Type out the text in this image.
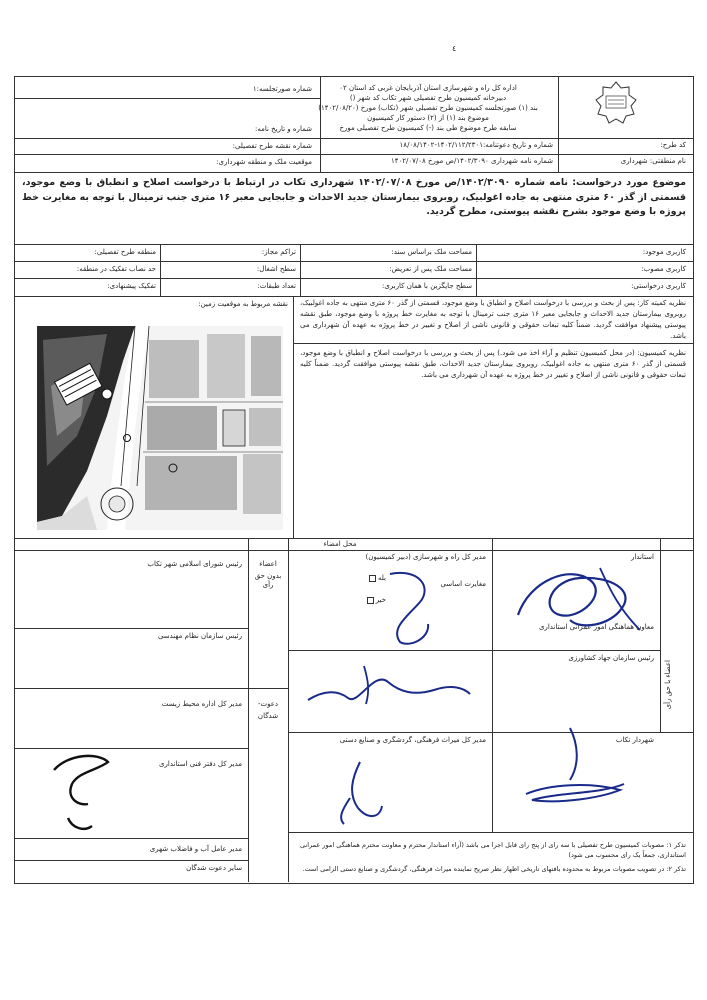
٤
اداره کل راه و شهرسازی استان آذربایجان غربی کد استان ۰۲
دبیرخانه کمیسیون طرح تفصیلی شهر تکاب کد شهر ()
بند (۱) صورتجلسه کمیسیون طرح تفصیلی شهر (تکاب) مورخ (۱۴۰۲/۰۸/۲۰)
موضوع بند (۱) از (۲) دستور کار کمیسیون
سابقه طرح موضوع طی بند (-) کمیسیون طرح تفصیلی مورخ
شماره صورتجلسه:۱
شماره و تاریخ نامه:
شماره نقشه طرح تفصیلی:
موقعیت ملک و منطقه شهرداری:
شماره و تاریخ دعوتنامه:۱۴۰۲/۱۱۲/۲۳۰۱-۱۸/۰۸/۱۴۰۲
شماره نامه شهرداری ۱۴۰۲/۳۰۹۰/ص مورخ ۱۴۰۲/۰۷/۰۸
کد طرح:
نام منطقتی: شهرداری
موضوع مورد درخواست: نامه شماره ۱۴۰۲/۳۰۹۰/ص مورخ ۱۴۰۲/۰۷/۰۸ شهرداری تکاب در ارتباط با درخواست اصلاح و انطباق با وضع موجود، قسمتی از گذر ۶۰ متری منتهی به جاده اغولبیک، روبروی بیمارستان جدید الاحداث و جابجایی معبر ۱۶ متری جنب ترمینال با توجه به مغایرت خط پروژه با وضع موجود بشرح نقشه پیوستی، مطرح گردید.
منطقه طرح تفصیلی:
حد نصاب تفکیک در منطقه:
تفکیک پیشنهادی:
تراکم مجاز:
سطح اشغال:
تعداد طبقات:
مساحت ملک براساس سند:
مساحت ملک پس از تعریض:
سطح جایگزین با همان کاربری:
کاربری موجود:
کاربری مصوب:
کاربری درخواستی:
نقشه مربوط به موقعیت زمین: نظریه کمیته کار: پس از بحث و بررسی با درخواست اصلاح و انطباق با وضع موجود، قسمتی از گذر ۶۰ متری منتهی به جاده اغولبیک، روبروی بیمارستان جدید الاحداث و جابجایی معبر ۱۶ متری جنب ترمینال با توجه به مغایرت خط پروژه با وضع موجود، طبق نقشه پیوستی پیشنهاد موافقت گردید. ضمناً کلیه تبعات حقوقی و قانونی ناشی از اصلاح و تغییر در خط پروژه به عهده آن شهرداری می باشد.
نظریه کمیسیون: (در محل کمیسیون تنظیم و آراء اخذ می شود.) پس از بحث و بررسی با درخواست اصلاح و انطباق با وضع موجود، قسمتی از گذر ۶۰ متری منتهی به جاده اغولبیک، روبروی بیمارستان جدید الاحداث، طبق نقشه پیوستی موافقت گردید. ضمناً کلیه تبعات حقوقی و قانونی ناشی از اصلاح و تغییر در خط پروژه به عهده آن شهرداری می باشد.
محل امضاء
استاندار
معاون هماهنگی امور عمرانی استانداری
مدیر کل راه و شهرسازی (دبیر کمیسیون)
مغایرت اساسی
بله
خیر
رئیس سازمان جهاد کشاورزی
شهردار تکاب
مدیر کل میراث فرهنگی، گردشگری و صنایع دستی
اعضاء با حق رأی
اعضاء
بدون حق رأی
دعوت-
شدگان
رئیس شورای اسلامی شهر تکاب
رئیس سازمان نظام مهندسی
مدیر کل اداره محیط زیست
مدیر کل دفتر فنی استانداری
مدیر عامل آب و فاضلاب شهری
سایر دعوت شدگان
تذکر ۱: مصوبات کمیسیون طرح تفصیلی با سه رای از پنج رای قابل اجرا می باشد (آراء استاندار محترم و معاونت محترم هماهنگی امور عمرانی استانداری، جمعاً یک رای محسوب می شود)
تذکر ۲: در تصویب مصوبات مربوط به محدوده بافتهای تاریخی اظهار نظر صریح نماینده میراث فرهنگی، گردشگری و صنایع دستی الزامی است.
